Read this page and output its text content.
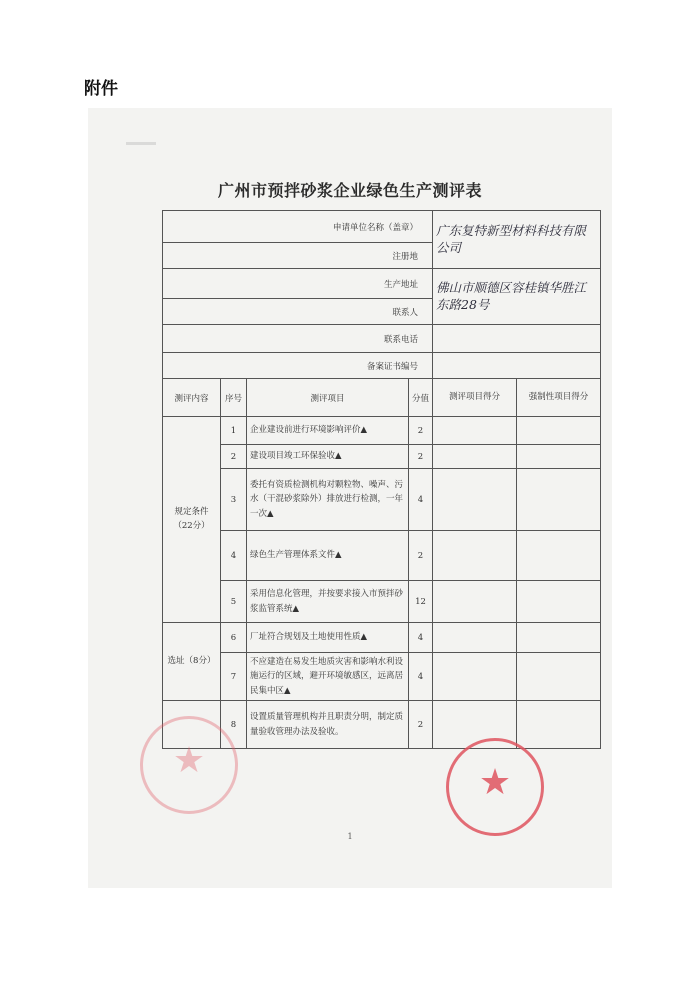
附件
广州市预拌砂浆企业绿色生产测评表
申请单位名称（盖章）				广东复特新型材料科技有限公司	
注册地					
生产地址				佛山市顺德区容桂镇华胜江东路28号	
联系人					
联系电话					
备案证书编号					
测评内容	序号	测评项目	分值	测评项目得分	强制性项目得分
规定条件（22分）	1	企业建设前进行环境影响评价▲	2		
	2	建设项目竣工环保验收▲	2		
	3	委托有资质检测机构对颗粒物、噪声、污水（干混砂浆除外）排放进行检测，一年一次▲	4		
	4	绿色生产管理体系文件▲	2		
	5	采用信息化管理，并按要求接入市预拌砂浆监管系统▲	12		
选址（8分）	6	厂址符合规划及土地使用性质▲	4		
	7	不应建造在易发生地质灾害和影响水利设施运行的区域，避开环境敏感区，远离居民集中区▲	4		
	8	设置质量管理机构并且职责分明，制定质量验收管理办法及验收。	2		
1
★
★
